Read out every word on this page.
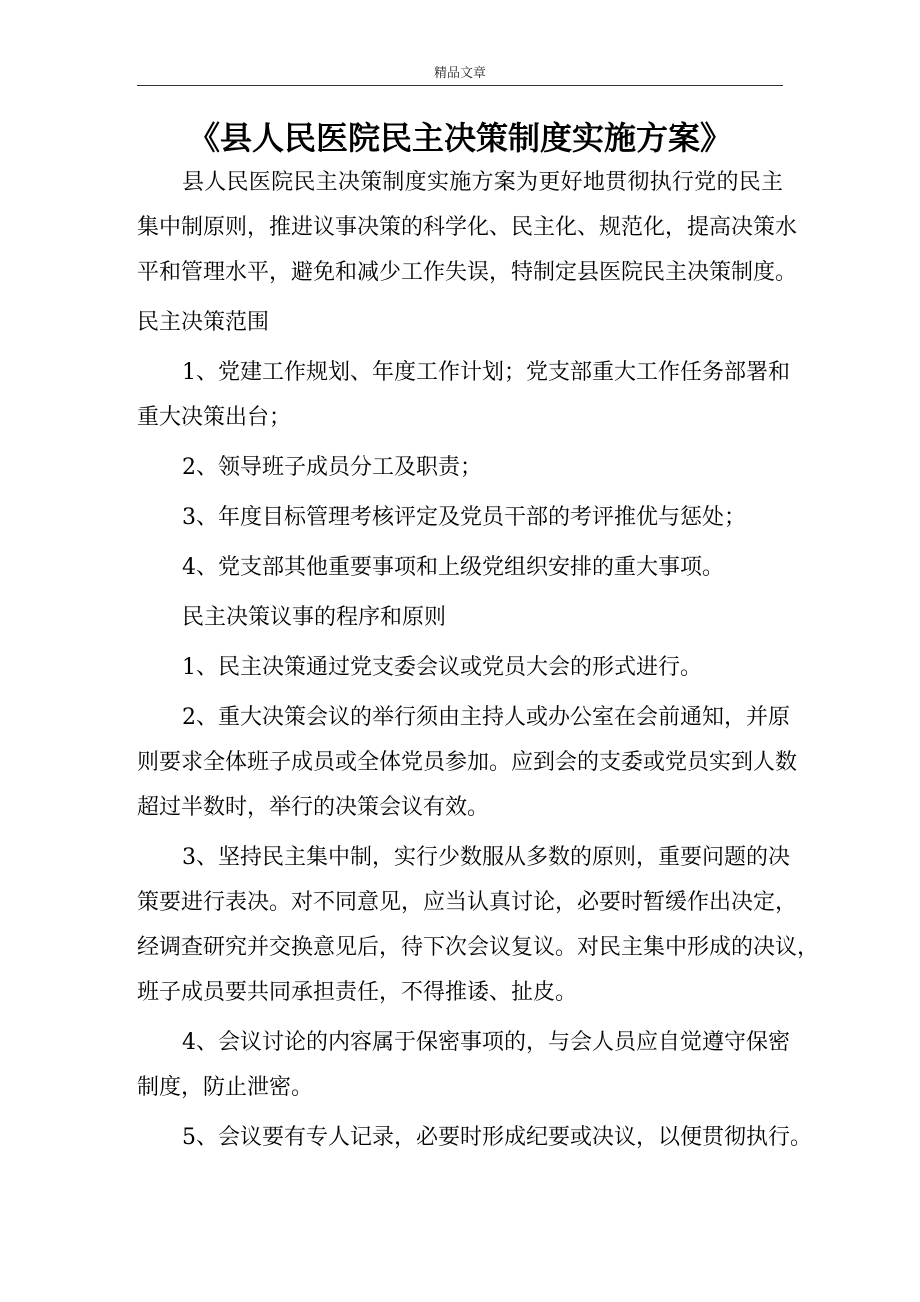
精品文章
《县人民医院民主决策制度实施方案》
县人民医院民主决策制度实施方案为更好地贯彻执行党的民主
集中制原则，推进议事决策的科学化、民主化、规范化，提高决策水
平和管理水平，避免和减少工作失误，特制定县医院民主决策制度。
民主决策范围
1、党建工作规划、年度工作计划；党支部重大工作任务部署和
重大决策出台；
2、领导班子成员分工及职责；
3、年度目标管理考核评定及党员干部的考评推优与惩处；
4、党支部其他重要事项和上级党组织安排的重大事项。
民主决策议事的程序和原则
1、民主决策通过党支委会议或党员大会的形式进行。
2、重大决策会议的举行须由主持人或办公室在会前通知，并原
则要求全体班子成员或全体党员参加。应到会的支委或党员实到人数
超过半数时，举行的决策会议有效。
3、坚持民主集中制，实行少数服从多数的原则，重要问题的决
策要进行表决。对不同意见，应当认真讨论，必要时暂缓作出决定，
经调查研究并交换意见后，待下次会议复议。对民主集中形成的决议，
班子成员要共同承担责任，不得推诿、扯皮。
4、会议讨论的内容属于保密事项的，与会人员应自觉遵守保密
制度，防止泄密。
5、会议要有专人记录，必要时形成纪要或决议，以便贯彻执行。
